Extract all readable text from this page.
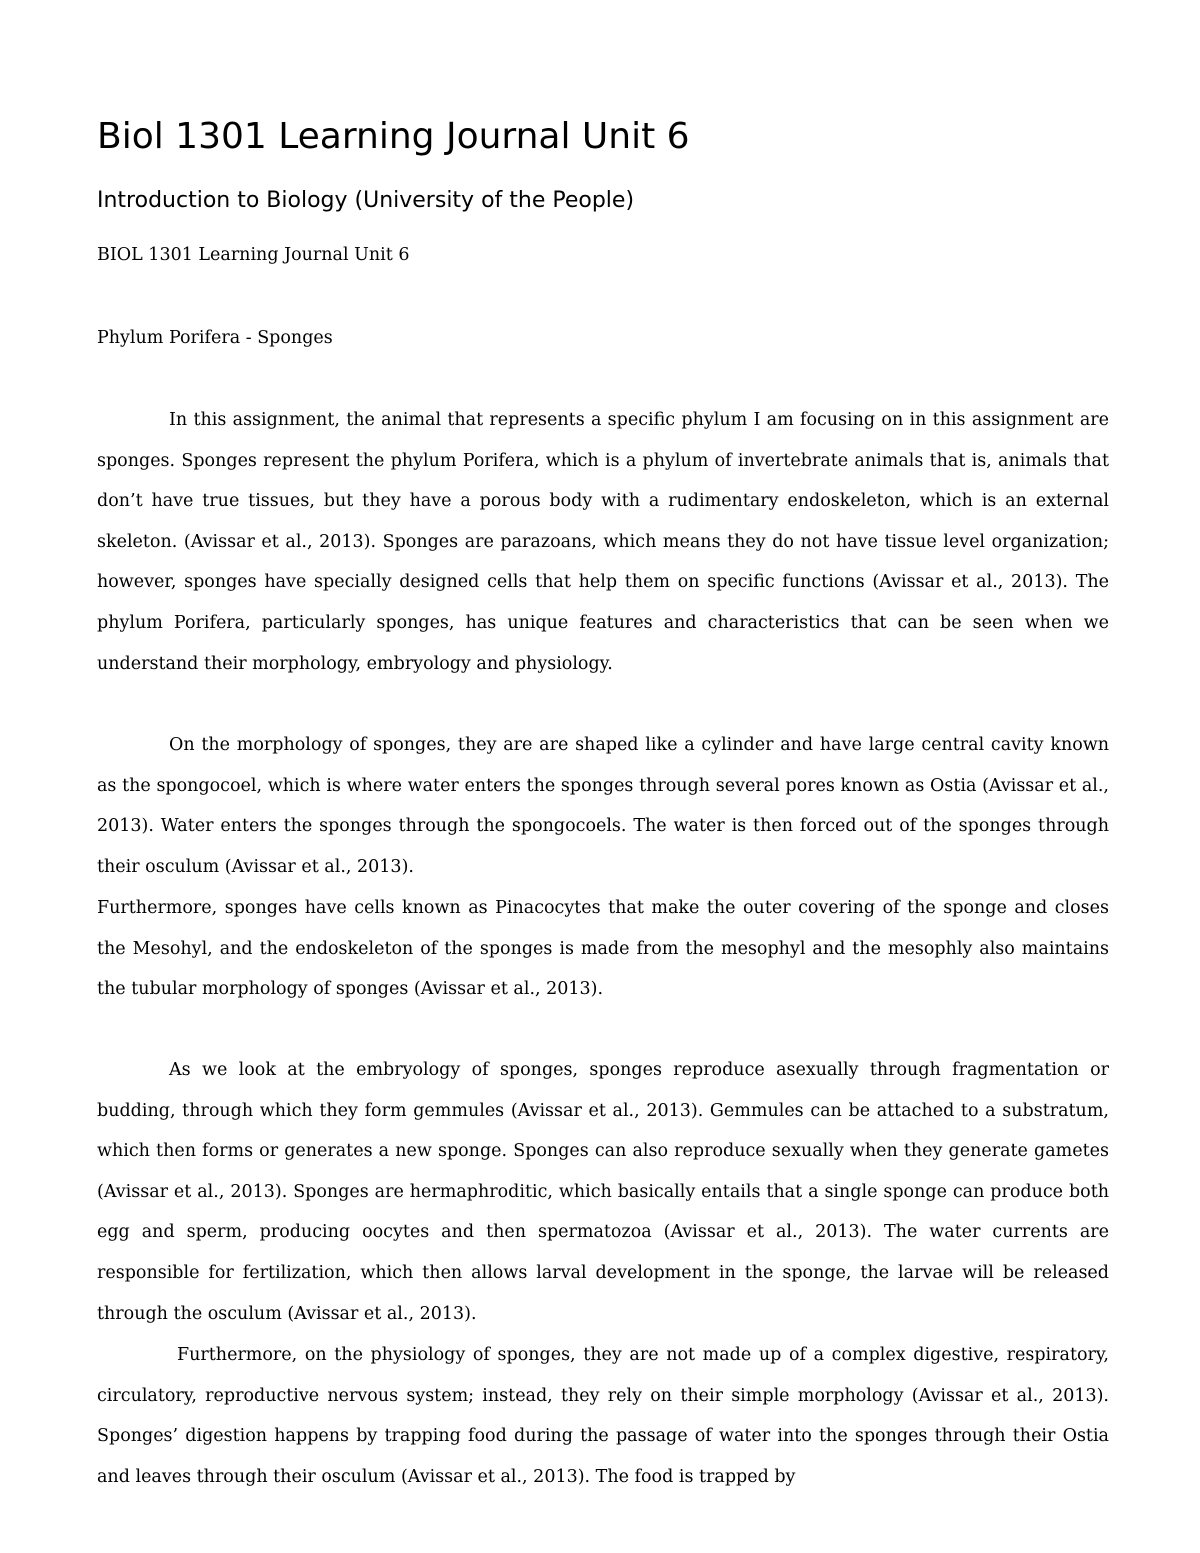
Biol 1301 Learning Journal Unit 6
Introduction to Biology (University of the People)

BIOL 1301 Learning Journal Unit 6

Phylum Porifera - Sponges

In this assignment, the animal that represents a specific phylum I am focusing on in this assignment are sponges. Sponges represent the phylum Porifera, which is a phylum of invertebrate animals that is, animals that don’t have true tissues, but they have a porous body with a rudimentary endoskeleton, which is an external skeleton. (Avissar et al., 2013). Sponges are parazoans, which means they do not have tissue level organization; however, sponges have specially designed cells that help them on specific functions (Avissar et al., 2013). The phylum Porifera, particularly sponges, has unique features and characteristics that can be seen when we understand their morphology, embryology and physiology.

On the morphology of sponges, they are are shaped like a cylinder and have large central cavity known as the spongocoel, which is where water enters the sponges through several pores known as Ostia (Avissar et al., 2013). Water enters the sponges through the spongocoels. The water is then forced out of the sponges through their osculum (Avissar et al., 2013).

Furthermore, sponges have cells known as Pinacocytes that make the outer covering of the sponge and closes the Mesohyl, and the endoskeleton of the sponges is made from the mesophyl and the mesophly also maintains the tubular morphology of sponges (Avissar et al., 2013).

As we look at the embryology of sponges, sponges reproduce asexually through fragmentation or budding, through which they form gemmules (Avissar et al., 2013). Gemmules can be attached to a substratum, which then forms or generates a new sponge. Sponges can also reproduce sexually when they generate gametes (Avissar et al., 2013). Sponges are hermaphroditic, which basically entails that a single sponge can produce both egg and sperm, producing oocytes and then spermatozoa (Avissar et al., 2013). The water currents are responsible for fertilization, which then allows larval development in the sponge, the larvae will be released through the osculum (Avissar et al., 2013).

Furthermore, on the physiology of sponges, they are not made up of a complex digestive, respiratory, circulatory, reproductive nervous system; instead, they rely on their simple morphology (Avissar et al., 2013). Sponges’ digestion happens by trapping food during the passage of water into the sponges through their Ostia and leaves through their osculum (Avissar et al., 2013). The food is trapped by
